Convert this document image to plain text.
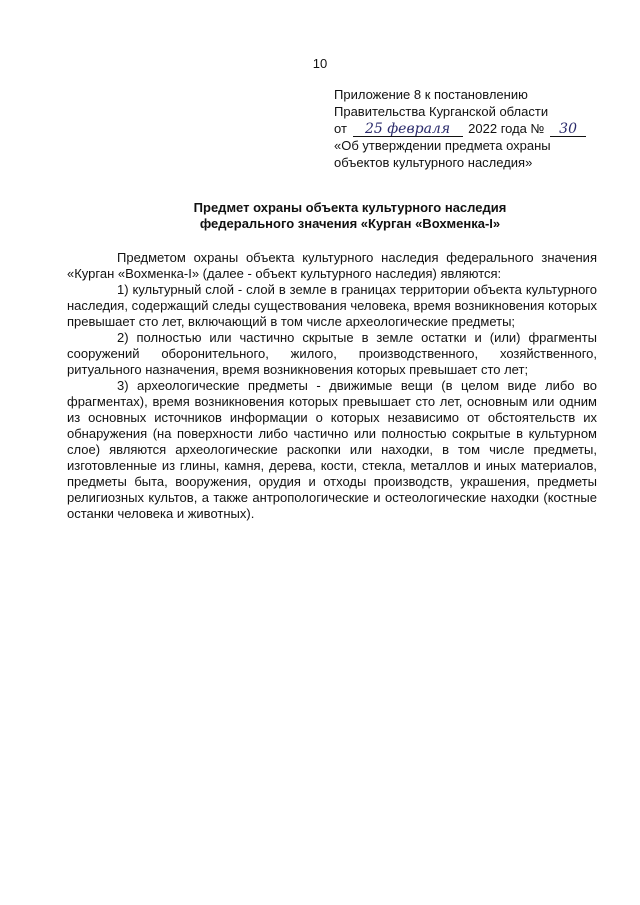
10
Приложение 8 к постановлению
Правительства Курганской области
от 25 февраля 2022 года № 30
«Об утверждении предмета охраны
объектов культурного наследия»
Предмет охраны объекта культурного наследия
федерального значения «Курган «Вохменка-I»

Предметом охраны объекта культурного наследия федерального значения «Курган «Вохменка-I» (далее - объект культурного наследия) являются:

1) культурный слой - слой в земле в границах территории объекта культурного наследия, содержащий следы существования человека, время возникновения которых превышает сто лет, включающий в том числе археологические предметы;

2) полностью или частично скрытые в земле остатки и (или) фрагменты сооружений оборонительного, жилого, производственного, хозяйственного, ритуального назначения, время возникновения которых превышает сто лет;

3) археологические предметы - движимые вещи (в целом виде либо во фрагментах), время возникновения которых превышает сто лет, основным или одним из основных источников информации о которых независимо от обстоятельств их обнаружения (на поверхности либо частично или полностью сокрытые в культурном слое) являются археологические раскопки или находки, в том числе предметы, изготовленные из глины, камня, дерева, кости, стекла, металлов и иных материалов, предметы быта, вооружения, орудия и отходы производств, украшения, предметы религиозных культов, а также антропологические и остеологические находки (костные останки человека и животных).
